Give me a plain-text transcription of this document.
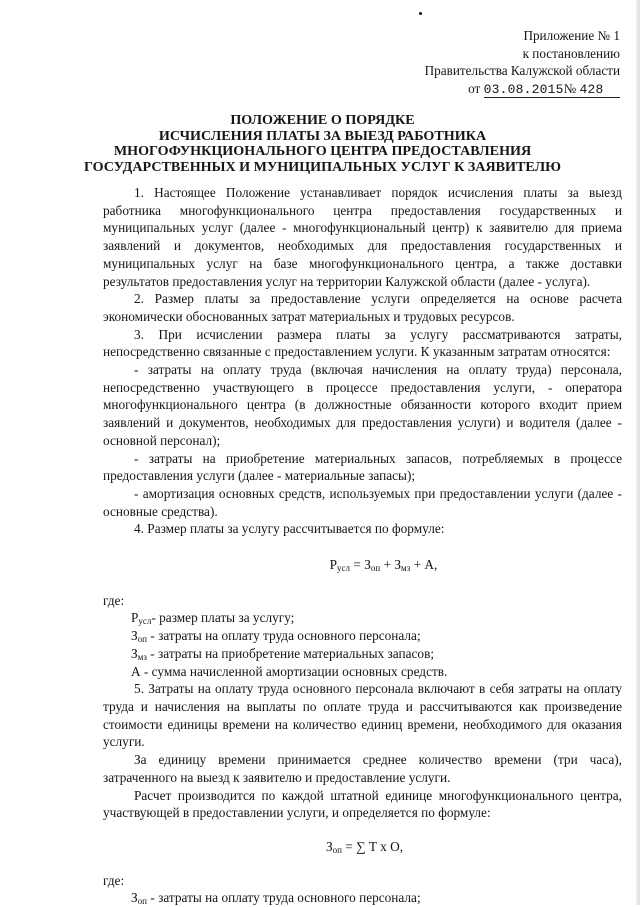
Приложение № 1
к постановлению
Правительства Калужской области
от 03.08.2015№ 428
ПОЛОЖЕНИЕ О ПОРЯДКЕ
ИСЧИСЛЕНИЯ ПЛАТЫ ЗА ВЫЕЗД РАБОТНИКА
МНОГОФУНКЦИОНАЛЬНОГО ЦЕНТРА ПРЕДОСТАВЛЕНИЯ
ГОСУДАРСТВЕННЫХ И МУНИЦИПАЛЬНЫХ УСЛУГ К ЗАЯВИТЕЛЮ

1. Настоящее Положение устанавливает порядок исчисления платы за выезд работника многофункционального центра предоставления государственных и муниципальных услуг (далее - многофункциональный центр) к заявителю для приема заявлений и документов, необходимых для предоставления государственных и муниципальных услуг на базе многофункционального центра, а также доставки результатов предоставления услуг на территории Калужской области (далее - услуга).

2. Размер платы за предоставление услуги определяется на основе расчета экономически обоснованных затрат материальных и трудовых ресурсов.

3. При исчислении размера платы за услугу рассматриваются затраты, непосредственно связанные с предоставлением услуги. К указанным затратам относятся:

- затраты на оплату труда (включая начисления на оплату труда) персонала, непосредственно участвующего в процессе предоставления услуги, - оператора многофункционального центра (в должностные обязанности которого входит прием заявлений и документов, необходимых для предоставления услуги) и водителя (далее - основной персонал);

- затраты на приобретение материальных запасов, потребляемых в процессе предоставления услуги (далее - материальные запасы);

- амортизация основных средств, используемых при предоставлении услуги (далее - основные средства).

4. Размер платы за услугу рассчитывается по формуле:

$P_{усл} = З_{оп} + З_{мз} + A$,

где:

$P_{усл}-$ размер платы за услугу;

$З_{оп}$ - затраты на оплату труда основного персонала;

$З_{мз}$ - затраты на приобретение материальных запасов;

А - сумма начисленной амортизации основных средств.

5. Затраты на оплату труда основного персонала включают в себя затраты на оплату труда и начисления на выплаты по оплате труда и рассчитываются как произведение стоимости единицы времени на количество единиц времени, необходимого для оказания услуги.

За единицу времени принимается среднее количество времени (три часа), затраченного на выезд к заявителю и предоставление услуги.

Расчет производится по каждой штатной единице многофункционального центра, участвующей в предоставлении услуги, и определяется по формуле:

$З_{оп}$ = ∑ T x O,

где:

$З_{оп}$ - затраты на оплату труда основного персонала;
